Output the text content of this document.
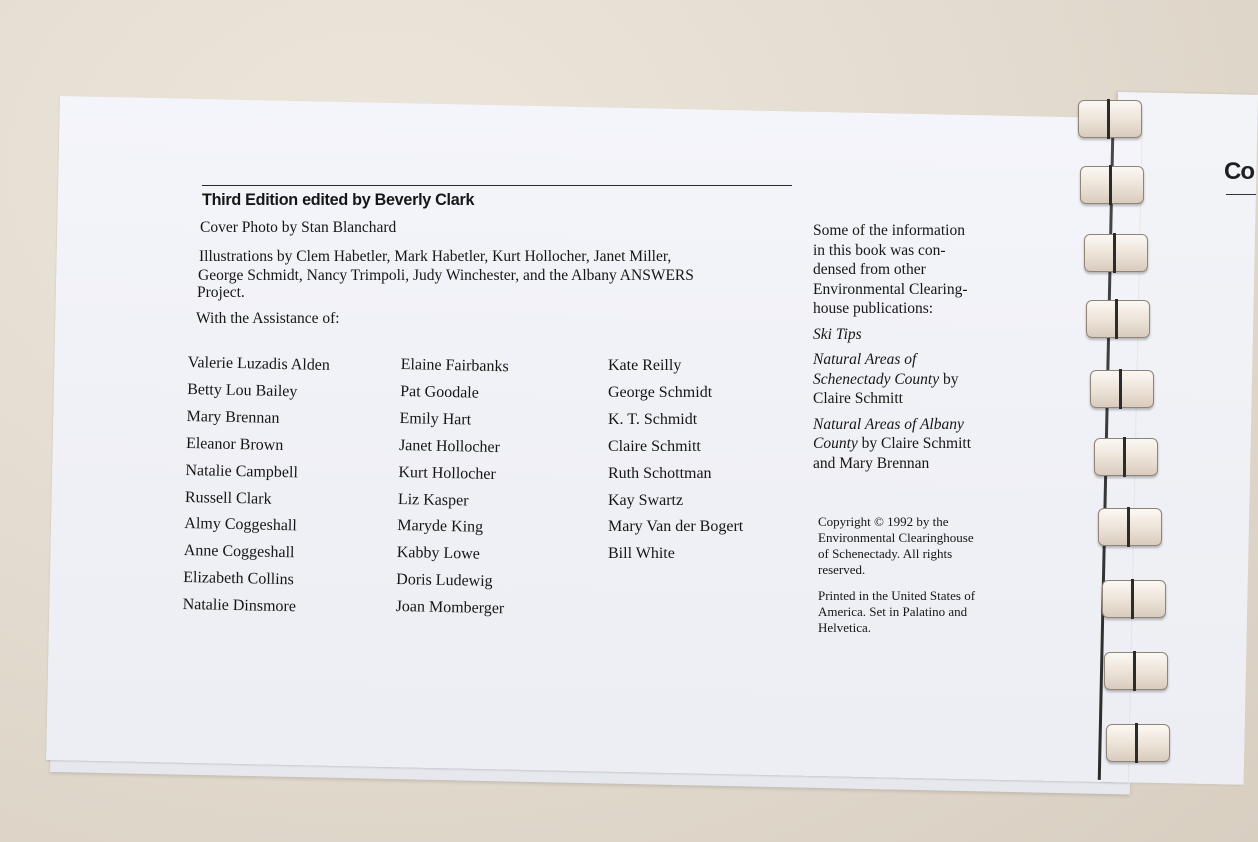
Co
Third Edition edited by Beverly Clark
Cover Photo by Stan Blanchard
Illustrations by Clem Habetler, Mark Habetler, Kurt Hollocher, Janet Miller,
George Schmidt, Nancy Trimpoli, Judy Winchester, and the Albany ANSWERS
Project.
With the Assistance of:
Valerie Luzadis Alden
Betty Lou Bailey
Mary Brennan
Eleanor Brown
Natalie Campbell
Russell Clark
Almy Coggeshall
Anne Coggeshall
Elizabeth Collins
Natalie Dinsmore
Elaine Fairbanks
Pat Goodale
Emily Hart
Janet Hollocher
Kurt Hollocher
Liz Kasper
Maryde King
Kabby Lowe
Doris Ludewig
Joan Momberger
Kate Reilly
George Schmidt
K. T. Schmidt
Claire Schmitt
Ruth Schottman
Kay Swartz
Mary Van der Bogert
Bill White
Some of the information
in this book was con-
densed from other
Environmental Clearing-
house publications:
Ski Tips
Natural Areas of
Schenectady County by
Claire Schmitt
Natural Areas of Albany
County by Claire Schmitt
and Mary Brennan
Copyright © 1992 by the
Environmental Clearinghouse
of Schenectady. All rights
reserved.
Printed in the United States of
America. Set in Palatino and
Helvetica.
